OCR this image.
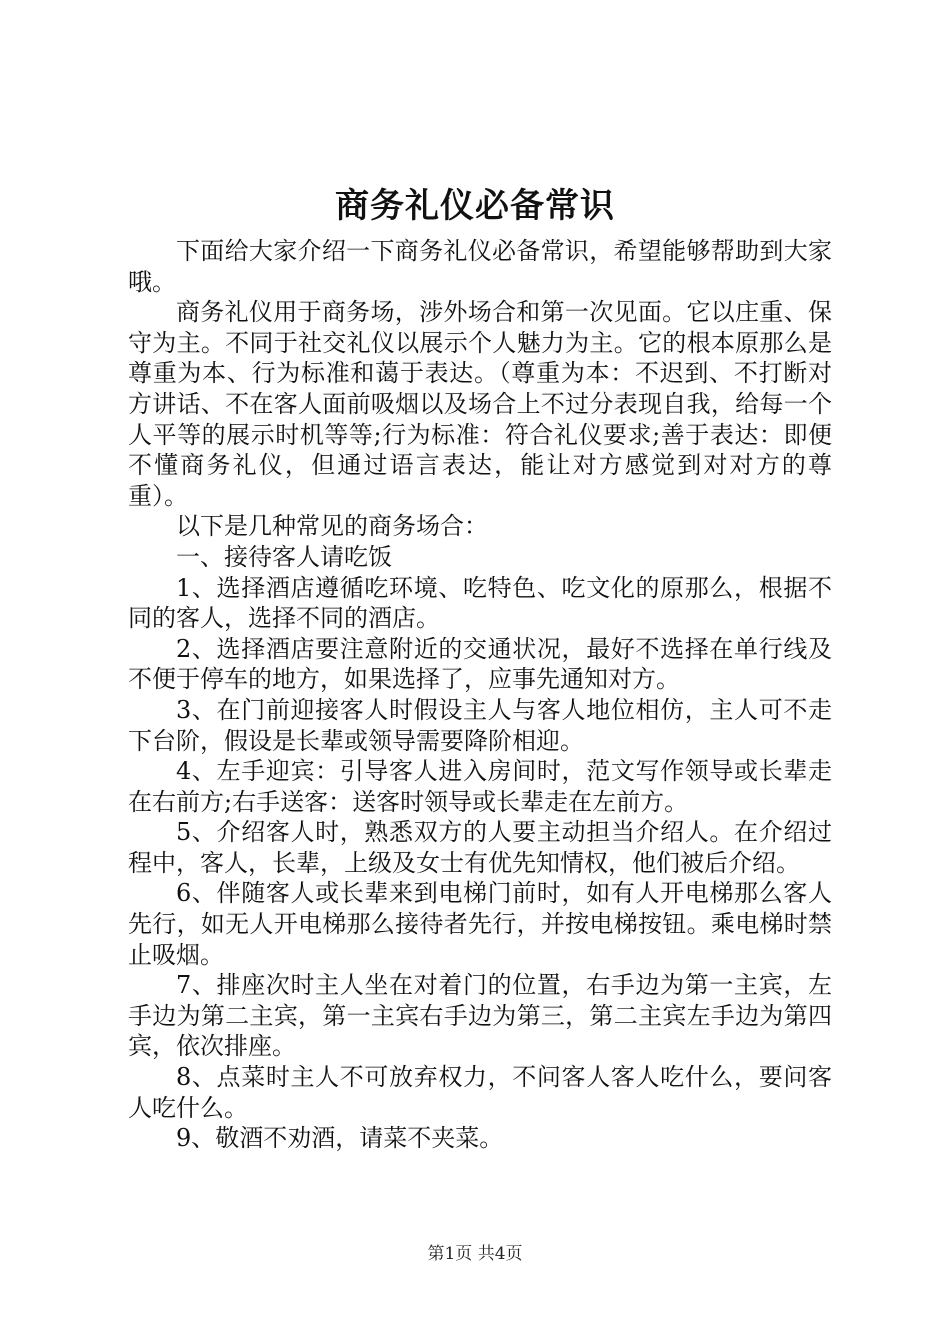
商务礼仪必备常识

下面给大家介绍一下商务礼仪必备常识，希望能够帮助到大家哦。

商务礼仪用于商务场，涉外场合和第一次见面。它以庄重、保守为主。不同于社交礼仪以展示个人魅力为主。它的根本原那么是尊重为本、行为标准和蔼于表达。（尊重为本：不迟到、不打断对方讲话、不在客人面前吸烟以及场合上不过分表现自我，给每一个人平等的展示时机等等;行为标准：符合礼仪要求;善于表达：即便不懂商务礼仪，但通过语言表达，能让对方感觉到对对方的尊重）。

以下是几种常见的商务场合：

一、接待客人请吃饭

1、选择酒店遵循吃环境、吃特色、吃文化的原那么，根据不同的客人，选择不同的酒店。

2、选择酒店要注意附近的交通状况，最好不选择在单行线及不便于停车的地方，如果选择了，应事先通知对方。

3、在门前迎接客人时假设主人与客人地位相仿，主人可不走下台阶，假设是长辈或领导需要降阶相迎。

4、左手迎宾：引导客人进入房间时，范文写作领导或长辈走在右前方;右手送客：送客时领导或长辈走在左前方。

5、介绍客人时，熟悉双方的人要主动担当介绍人。在介绍过程中，客人，长辈，上级及女士有优先知情权，他们被后介绍。

6、伴随客人或长辈来到电梯门前时，如有人开电梯那么客人先行，如无人开电梯那么接待者先行，并按电梯按钮。乘电梯时禁止吸烟。

7、排座次时主人坐在对着门的位置，右手边为第一主宾，左手边为第二主宾，第一主宾右手边为第三，第二主宾左手边为第四宾，依次排座。

8、点菜时主人不可放弃权力，不问客人客人吃什么，要问客人吃什么。

9、敬酒不劝酒，请菜不夹菜。

第1页 共4页
